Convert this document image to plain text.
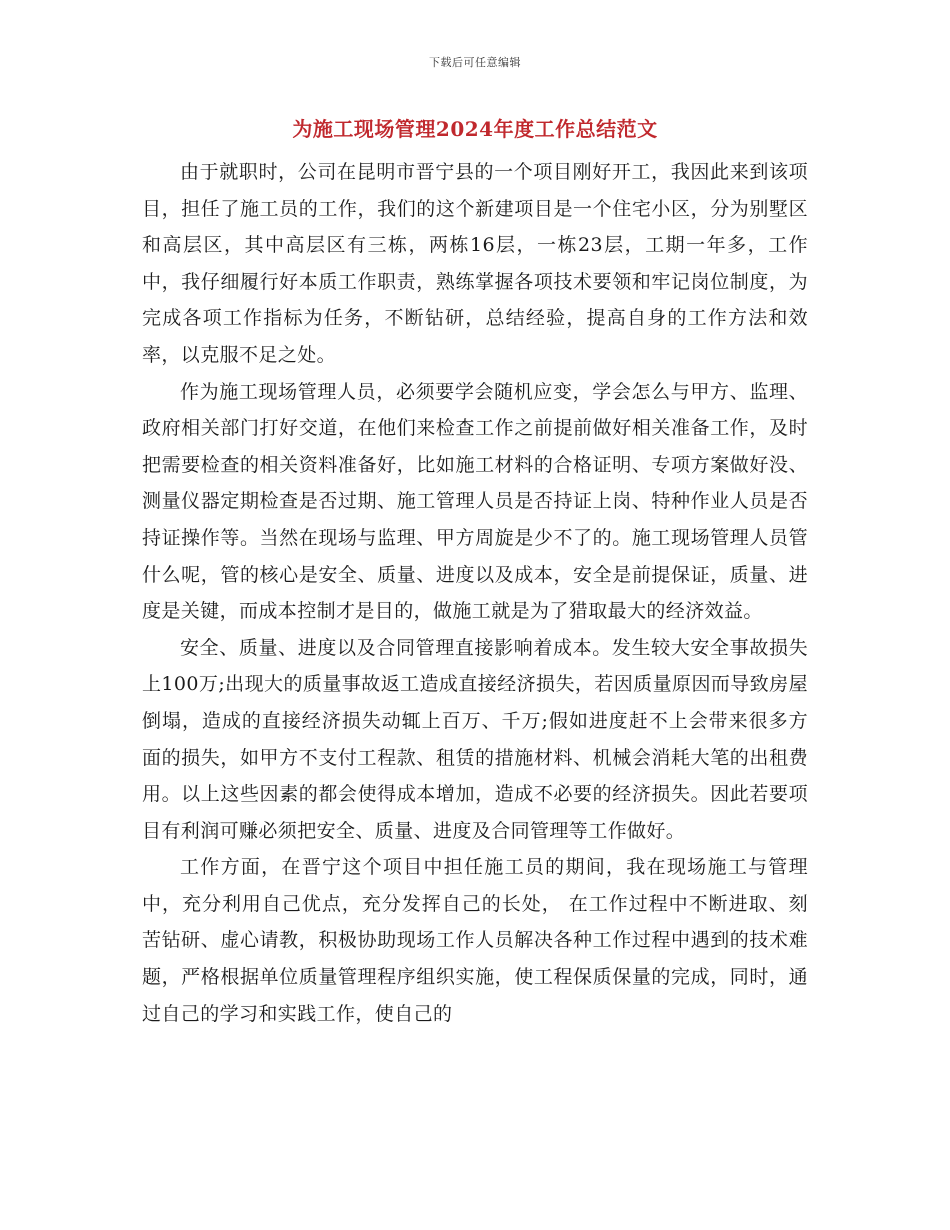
下载后可任意编辑
为施工现场管理2024年度工作总结范文

由于就职时，公司在昆明市晋宁县的一个项目刚好开工，我因此来到该项目，担任了施工员的工作，我们的这个新建项目是一个住宅小区，分为别墅区和高层区，其中高层区有三栋，两栋16层，一栋23层，工期一年多，工作中，我仔细履行好本质工作职责，熟练掌握各项技术要领和牢记岗位制度，为完成各项工作指标为任务，不断钻研，总结经验，提高自身的工作方法和效率，以克服不足之处。

作为施工现场管理人员，必须要学会随机应变，学会怎么与甲方、监理、政府相关部门打好交道，在他们来检查工作之前提前做好相关准备工作，及时把需要检查的相关资料准备好，比如施工材料的合格证明、专项方案做好没、测量仪器定期检查是否过期、施工管理人员是否持证上岗、特种作业人员是否持证操作等。当然在现场与监理、甲方周旋是少不了的。施工现场管理人员管什么呢，管的核心是安全、质量、进度以及成本，安全是前提保证，质量、进度是关键，而成本控制才是目的，做施工就是为了猎取最大的经济效益。

安全、质量、进度以及合同管理直接影响着成本。发生较大安全事故损失上100万;出现大的质量事故返工造成直接经济损失，若因质量原因而导致房屋倒塌，造成的直接经济损失动辄上百万、千万;假如进度赶不上会带来很多方面的损失，如甲方不支付工程款、租赁的措施材料、机械会消耗大笔的出租费用。以上这些因素的都会使得成本增加，造成不必要的经济损失。因此若要项目有利润可赚必须把安全、质量、进度及合同管理等工作做好。

工作方面，在晋宁这个项目中担任施工员的期间，我在现场施工与管理中，充分利用自己优点，充分发挥自己的长处， 在工作过程中不断进取、刻苦钻研、虚心请教，积极协助现场工作人员解决各种工作过程中遇到的技术难题，严格根据单位质量管理程序组织实施，使工程保质保量的完成，同时，通过自己的学习和实践工作，使自己的
